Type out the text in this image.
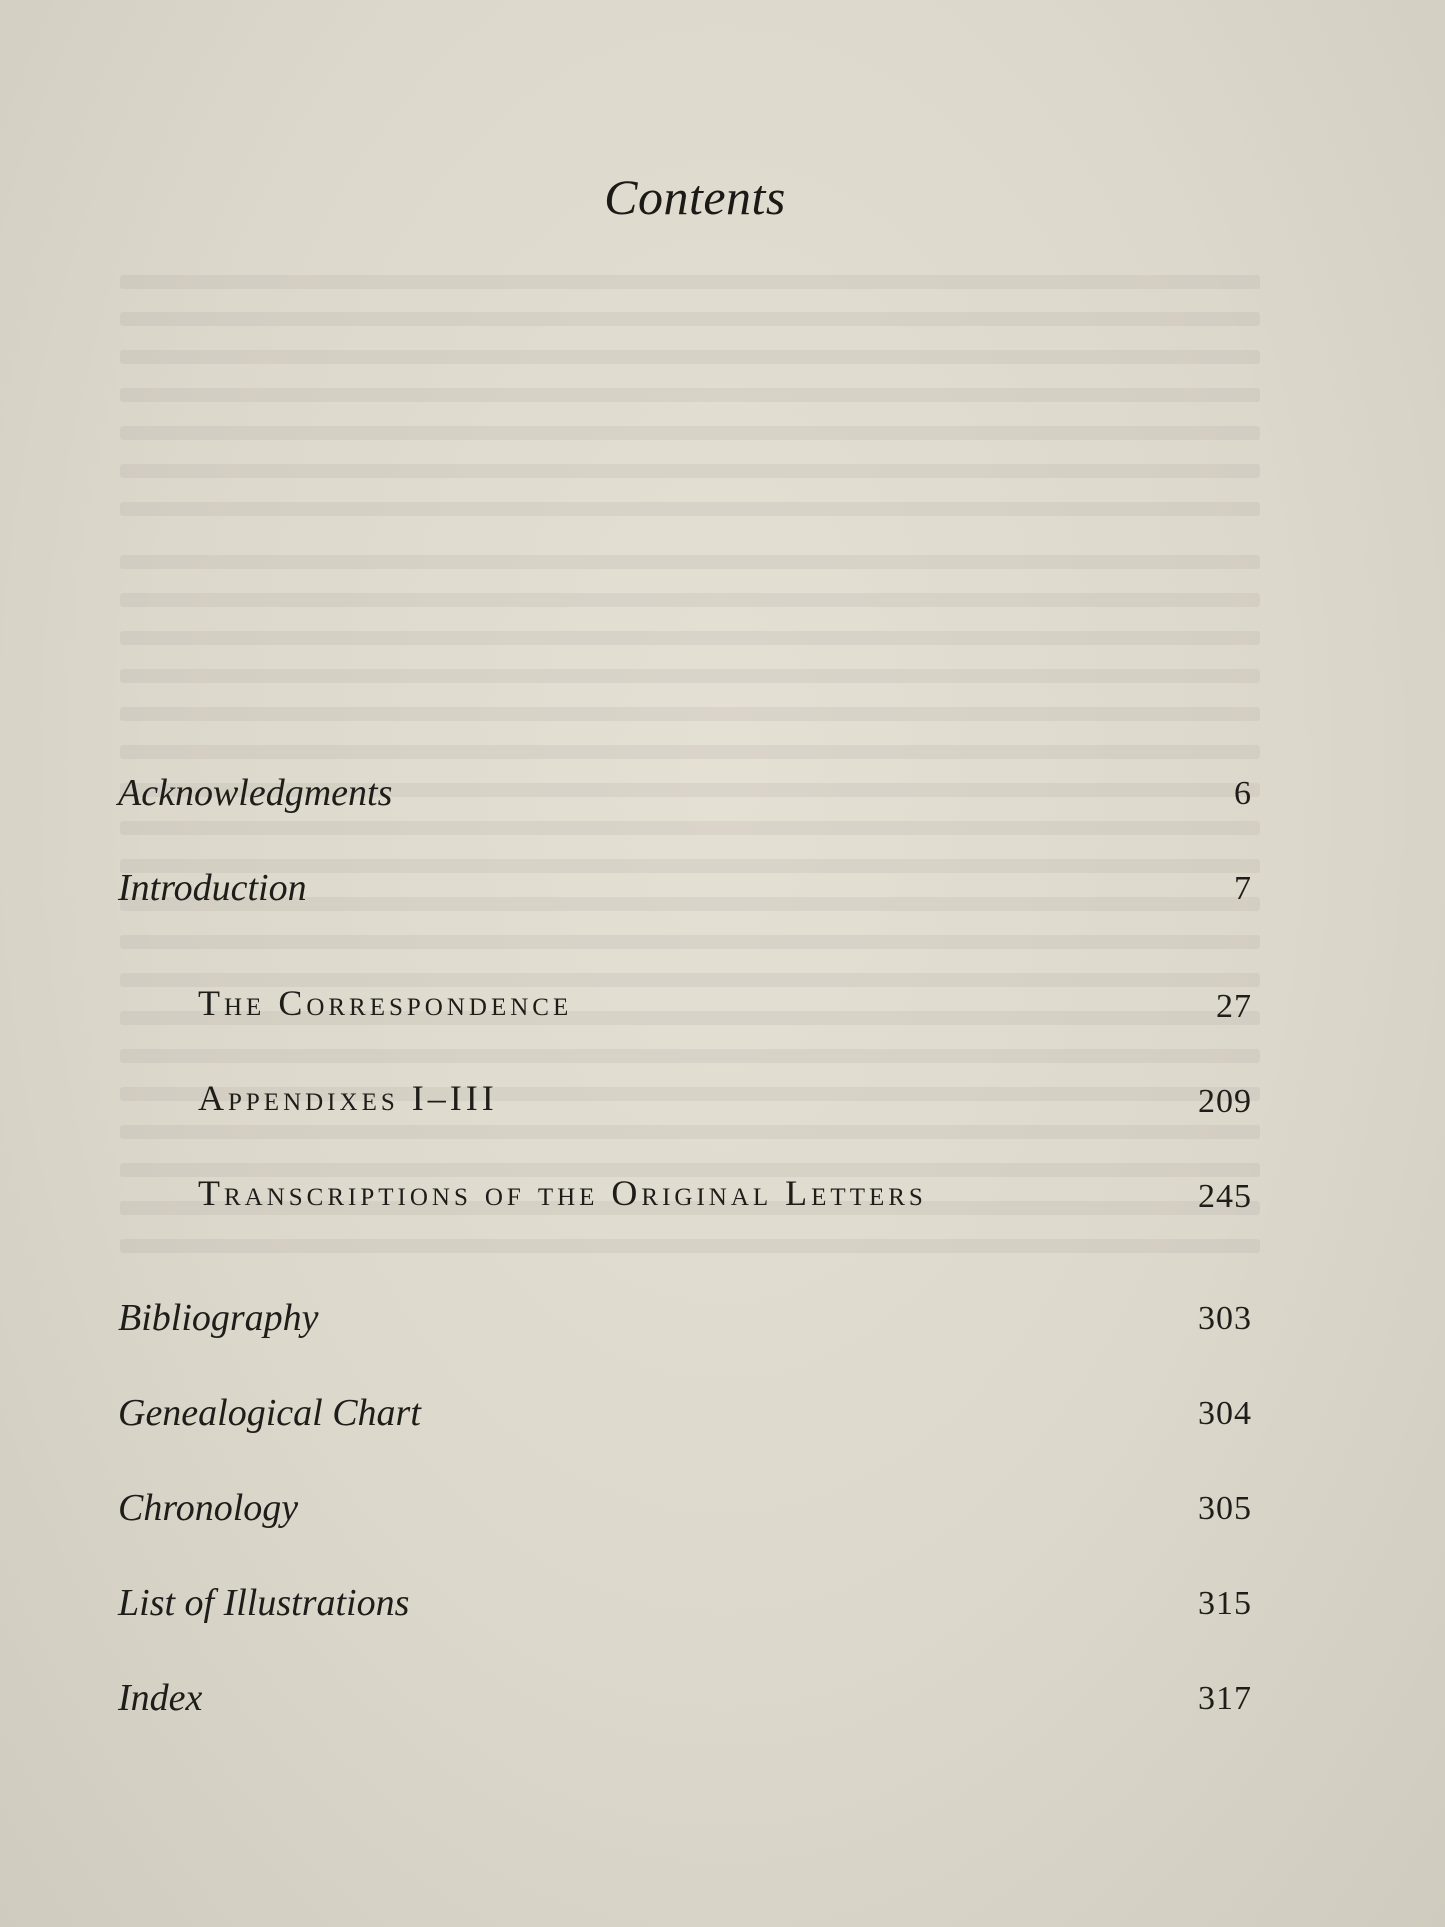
Contents
Acknowledgments	6
Introduction	7
The Correspondence	27
Appendixes I–III	209
Transcriptions of the Original Letters	245
Bibliography	303
Genealogical Chart	304
Chronology	305
List of Illustrations	315
Index	317
